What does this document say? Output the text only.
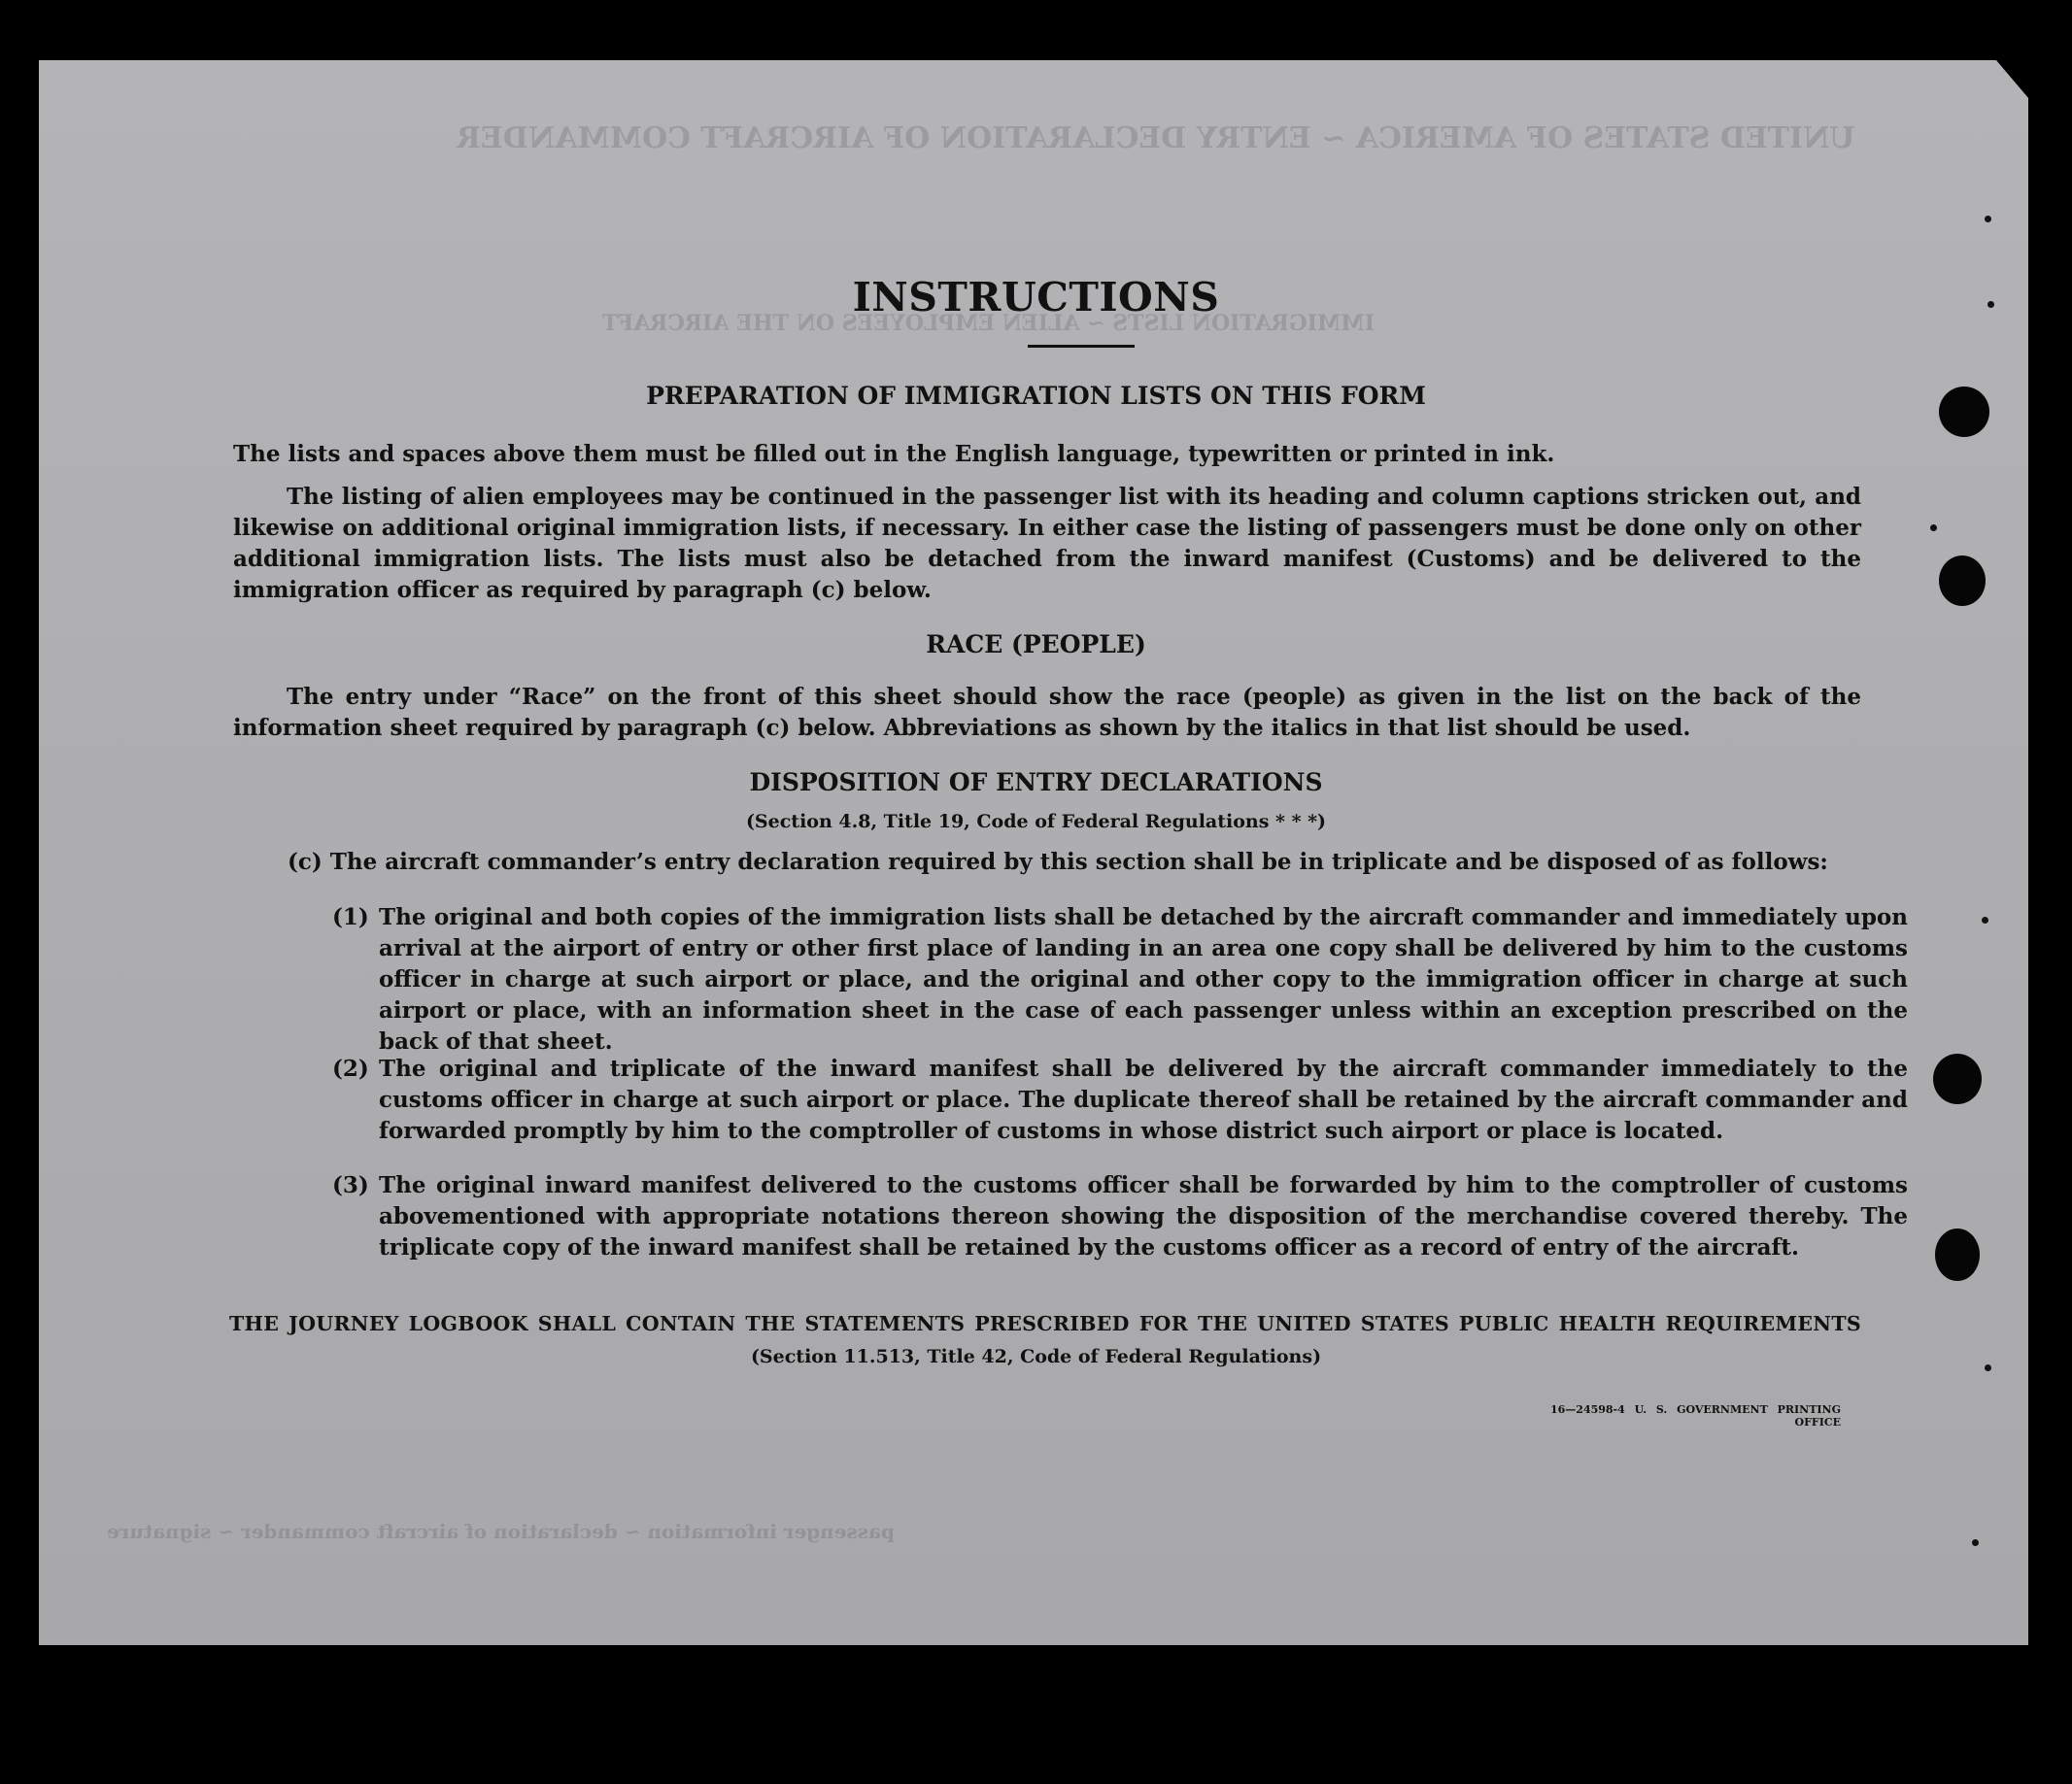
UNITED STATES OF AMERICA ~ ENTRY DECLARATION OF AIRCRAFT COMMANDER
IMMIGRATION LISTS ~ ALIEN EMPLOYEES ON THE AIRCRAFT
passenger information ~ declaration of aircraft commander ~ signature
INSTRUCTIONS
PREPARATION OF IMMIGRATION LISTS ON THIS FORM
The lists and spaces above them must be filled out in the English language, typewritten or printed in ink.
The listing of alien employees may be continued in the passenger list with its heading and column captions stricken out, and likewise on additional original immigration lists, if necessary. In either case the listing of passengers must be done only on other additional immigration lists. The lists must also be detached from the inward manifest (Customs) and be delivered to the immigration officer as required by paragraph (c) below.
RACE (PEOPLE)
The entry under “Race” on the front of this sheet should show the race (people) as given in the list on the back of the information sheet required by paragraph (c) below. Abbreviations as shown by the italics in that list should be used.
DISPOSITION OF ENTRY DECLARATIONS
(Section 4.8, Title 19, Code of Federal Regulations * * *)
(c) The aircraft commander’s entry declaration required by this section shall be in triplicate and be disposed of as follows:
(1) The original and both copies of the immigration lists shall be detached by the aircraft commander and immediately upon arrival at the airport of entry or other first place of landing in an area one copy shall be delivered by him to the customs officer in charge at such airport or place, and the original and other copy to the immigration officer in charge at such airport or place, with an information sheet in the case of each passenger unless within an exception prescribed on the back of that sheet.
(2) The original and triplicate of the inward manifest shall be delivered by the aircraft commander immediately to the customs officer in charge at such airport or place. The duplicate thereof shall be retained by the aircraft commander and forwarded promptly by him to the comptroller of customs in whose district such airport or place is located.
(3) The original inward manifest delivered to the customs officer shall be forwarded by him to the comptroller of customs abovementioned with appropriate notations thereon showing the disposition of the merchandise covered thereby. The triplicate copy of the inward manifest shall be retained by the customs officer as a record of entry of the aircraft.
THE JOURNEY LOGBOOK SHALL CONTAIN THE STATEMENTS PRESCRIBED FOR THE UNITED STATES PUBLIC HEALTH REQUIREMENTS
(Section 11.513, Title 42, Code of Federal Regulations)
16—24598-4 U. S. GOVERNMENT PRINTING OFFICE
